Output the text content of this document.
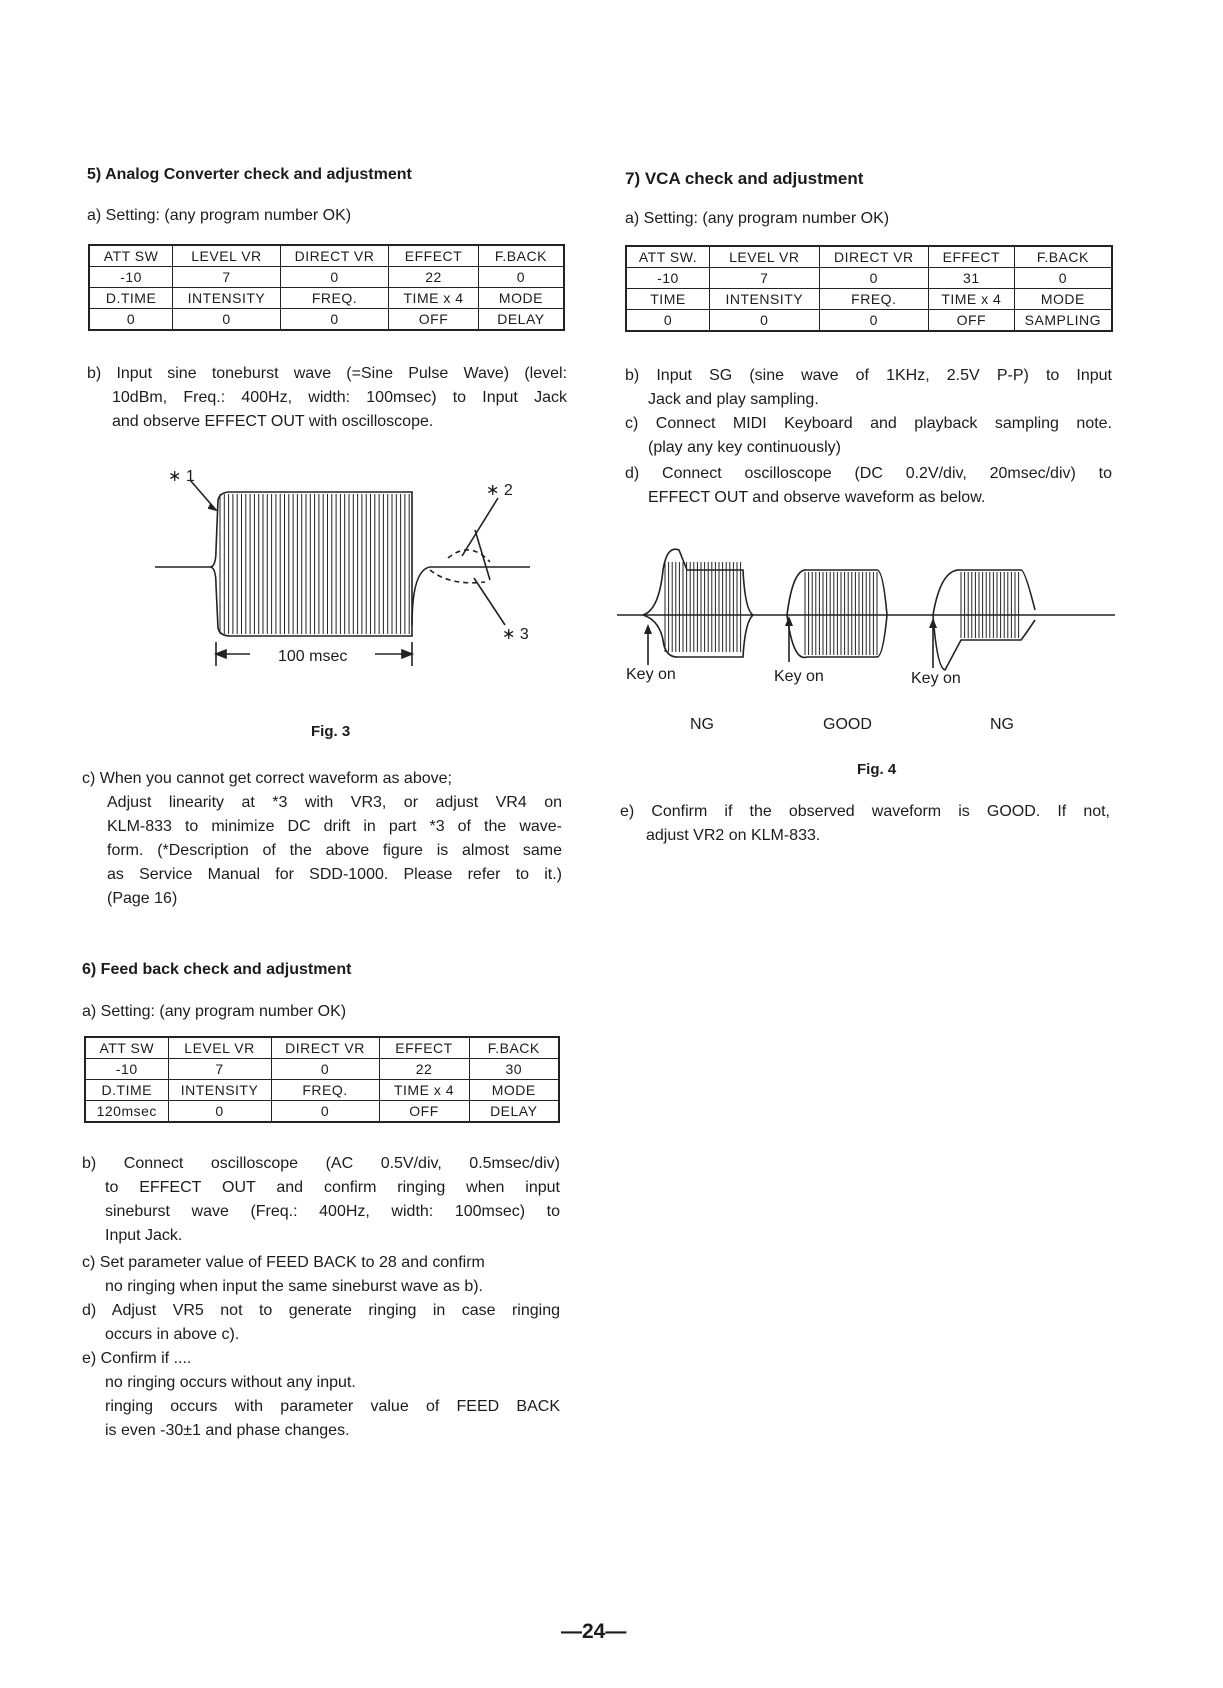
5) Analog Converter check and adjustment
a) Setting: (any program number OK)
ATT SW	LEVEL VR	DIRECT VR	EFFECT	F.BACK
-10	7	0	22	0
D.TIME	INTENSITY	FREQ.	TIME x 4	MODE
0	0	0	OFF	DELAY
b) Input sine toneburst wave (=Sine Pulse Wave) (level:
10dBm, Freq.: 400Hz, width: 100msec) to Input Jack
and observe EFFECT OUT with oscilloscope.
∗ 1
∗ 2
∗ 3
100 msec
Fig. 3
c) When you cannot get correct waveform as above;
Adjust linearity at *3 with VR3, or adjust VR4 on
KLM-833 to minimize DC drift in part *3 of the wave-
form. (*Description of the above figure is almost same
as Service Manual for SDD-1000. Please refer to it.)
(Page 16)
6) Feed back check and adjustment
a) Setting: (any program number OK)
ATT SW	LEVEL VR	DIRECT VR	EFFECT	F.BACK
-10	7	0	22	30
D.TIME	INTENSITY	FREQ.	TIME x 4	MODE
120msec	0	0	OFF	DELAY
b) Connect oscilloscope (AC 0.5V/div, 0.5msec/div)
to EFFECT OUT and confirm ringing when input
sineburst wave (Freq.: 400Hz, width: 100msec) to
Input Jack.
c) Set parameter value of FEED BACK to 28 and confirm
no ringing when input the same sineburst wave as b).
d) Adjust VR5 not to generate ringing in case ringing
occurs in above c).
e) Confirm if ....
no ringing occurs without any input.
ringing occurs with parameter value of FEED BACK
is even -30±1 and phase changes.
7) VCA check and adjustment
a) Setting: (any program number OK)
ATT SW.	LEVEL VR	DIRECT VR	EFFECT	F.BACK
-10	7	0	31	0
TIME	INTENSITY	FREQ.	TIME x 4	MODE
0	0	0	OFF	SAMPLING
b) Input SG (sine wave of 1KHz, 2.5V P-P) to Input
Jack and play sampling.
c) Connect MIDI Keyboard and playback sampling note.
(play any key continuously)
d) Connect oscilloscope (DC 0.2V/div, 20msec/div) to
EFFECT OUT and observe waveform as below.
Key on	Key on	Key on
NG	GOOD	NG
Fig. 4
e) Confirm if the observed waveform is GOOD. If not,
adjust VR2 on KLM-833.
—24—
